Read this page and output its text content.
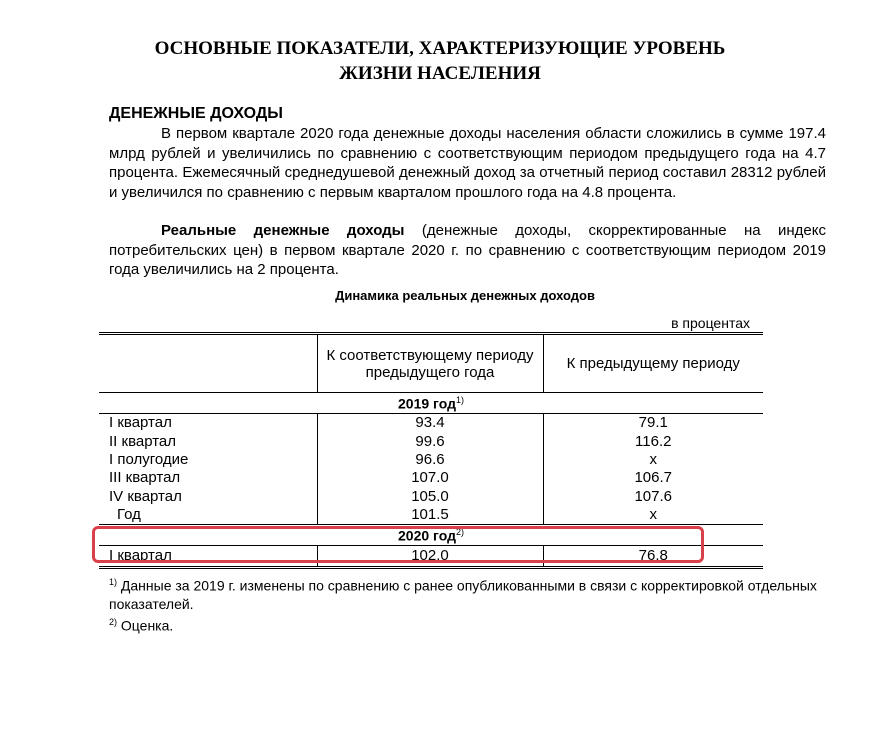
ОСНОВНЫЕ ПОКАЗАТЕЛИ, ХАРАКТЕРИЗУЮЩИЕ УРОВЕНЬ
ЖИЗНИ НАСЕЛЕНИЯ
ДЕНЕЖНЫЕ ДОХОДЫ

В первом квартале 2020 года денежные доходы населения области сложились в сумме 197.4 млрд рублей и увеличились по сравнению с соответствующим периодом предыдущего года на 4.7 процента. Ежемесячный среднедушевой денежный доход за отчетный период составил 28312 рублей и увеличился по сравнению с первым кварталом прошлого года на 4.8 процента.

Реальные денежные доходы (денежные доходы, скорректированные на индекс потребительских цен) в первом квартале 2020 г. по сравнению с соответствующим периодом 2019 года увеличились на 2 процента.

Динамика реальных денежных доходов

в процентах

	К соответствующему периоду предыдущего года	К предыдущему периоду
2019 год$^{1)}$
I квартал	93.4	79.1
II квартал	99.6	116.2
I полугодие	96.6	x
III квартал	107.0	106.7
IV квартал	105.0	107.6
Год	101.5	x
2020 год$^{2)}$
I квартал	102.0	76.8

$^{1)}$ Данные за 2019 г. изменены по сравнению с ранее опубликованными в связи с корректировкой отдельных показателей.

$^{2)}$ Оценка.
